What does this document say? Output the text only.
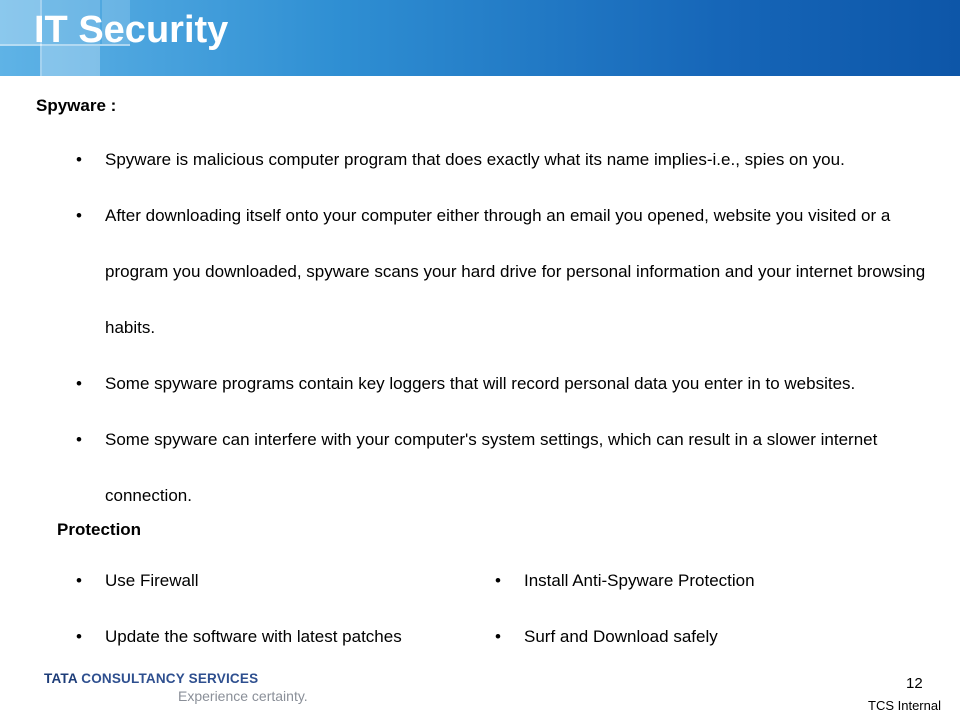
IT Security
Spyware :
• Spyware is malicious computer program that does exactly what its name implies-i.e., spies on you.
• After downloading itself onto your computer either through an email you opened, website you visited or a program you downloaded, spyware scans your hard drive for personal information and your internet browsing habits.
• Some spyware programs contain key loggers that will record personal data you enter in to websites.
• Some spyware can interfere with your computer's system settings, which can result in a slower internet connection.
Protection
• Use Firewall	• Install Anti-Spyware Protection
• Update the software with latest patches	• Surf and Download safely
TATA CONSULTANCY SERVICES
Experience certainty.
12
TCS Internal
